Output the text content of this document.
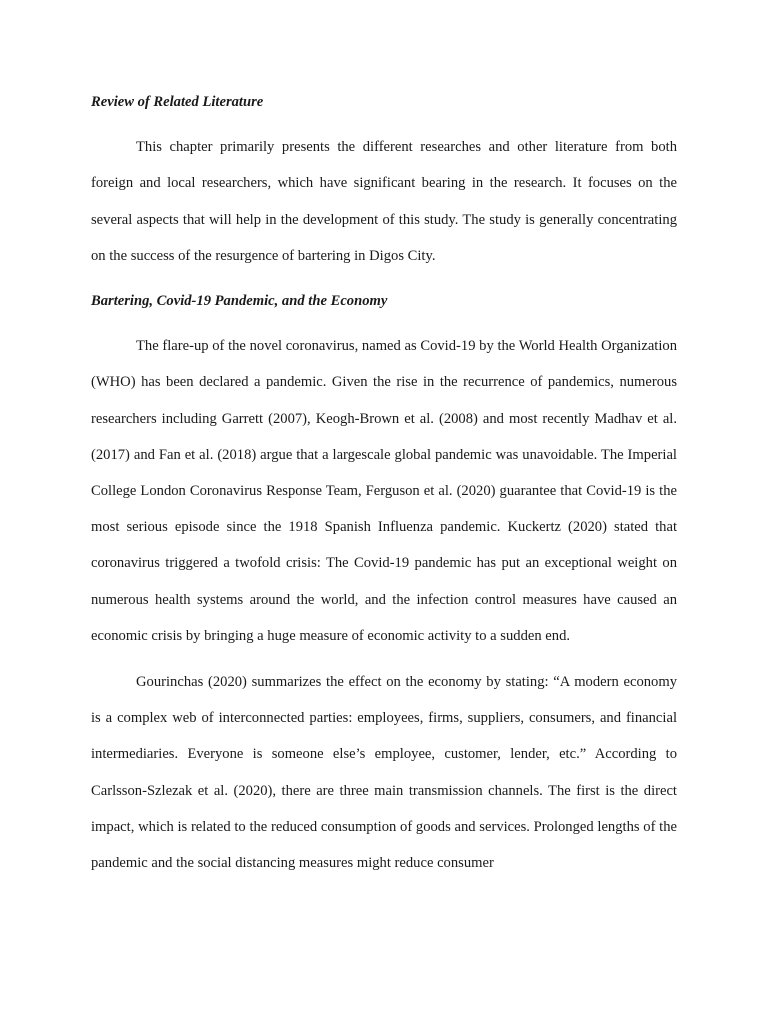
Review of Related Literature

This chapter primarily presents the different researches and other literature from both foreign and local researchers, which have significant bearing in the research. It focuses on the several aspects that will help in the development of this study. The study is generally concentrating on the success of the resurgence of bartering in Digos City.

Bartering, Covid-19 Pandemic, and the Economy

The flare-up of the novel coronavirus, named as Covid-19 by the World Health Organization (WHO) has been declared a pandemic. Given the rise in the recurrence of pandemics, numerous researchers including Garrett (2007), Keogh-Brown et al. (2008) and most recently Madhav et al. (2017) and Fan et al. (2018) argue that a largescale global pandemic was unavoidable. The Imperial College London Coronavirus Response Team, Ferguson et al. (2020) guarantee that Covid-19 is the most serious episode since the 1918 Spanish Influenza pandemic. Kuckertz (2020) stated that coronavirus triggered a twofold crisis: The Covid-19 pandemic has put an exceptional weight on numerous health systems around the world, and the infection control measures have caused an economic crisis by bringing a huge measure of economic activity to a sudden end.

Gourinchas (2020) summarizes the effect on the economy by stating: “A modern economy is a complex web of interconnected parties: employees, firms, suppliers, consumers, and financial intermediaries. Everyone is someone else’s employee, customer, lender, etc.” According to Carlsson-Szlezak et al. (2020), there are three main transmission channels. The first is the direct impact, which is related to the reduced consumption of goods and services. Prolonged lengths of the pandemic and the social distancing measures might reduce consumer
